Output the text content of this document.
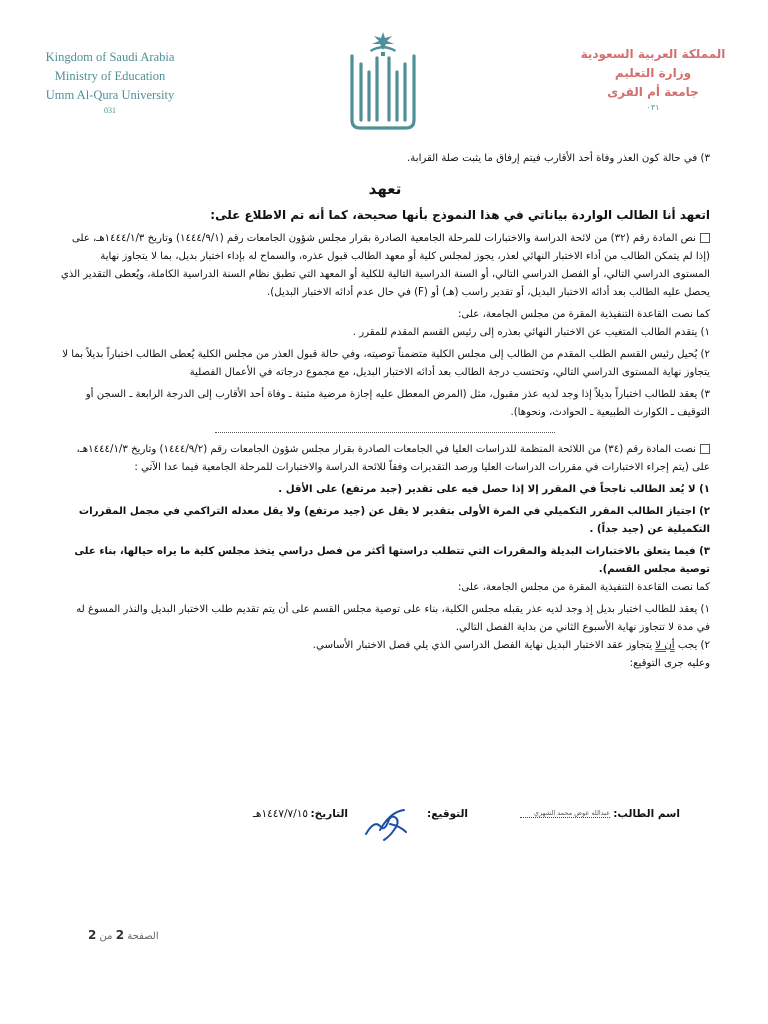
Kingdom of Saudi Arabia
Ministry of Education
Umm Al-Qura University
031
المملكة العربية السعودية
وزارة التعليم
جامعة أم القرى
٠٣١

٣) في حالة كون العذر وفاة أحد الأقارب فيتم إرفاق ما يثبت صلة القرابة.

تعهد

اتعهد أنا الطالب الواردة بياناتي في هذا النموذج بأنها صحيحة، كما أنه تم الاطلاع على:

نص المادة رقم (٣٢) من لائحة الدراسة والاختبارات للمرحلة الجامعية الصادرة بقرار مجلس شؤون الجامعات رقم (١٤٤٤/٩/١) وتاريخ ١٤٤٤/١/٣هـ، على (إذا لم يتمكن الطالب من أداء الاختبار النهائي لعذر، يجوز لمجلس كلية أو معهد الطالب قبول عذره، والسماح له بإداء اختبار بديل، بما لا يتجاوز نهاية المستوى الدراسي التالي، أو الفصل الدراسي التالي، أو السنة الدراسية التالية للكلية أو المعهد التي تطبق نظام السنة الدراسية الكاملة، ويُعطى التقدير الذي يحصل عليه الطالب بعد أدائه الاختبار البديل، أو تقدير راسب (هـ) أو (F) في حال عدم أدائه الاختبار البديل).

كما نصت القاعدة التنفيذية المقرة من مجلس الجامعة، على:

١) يتقدم الطالب المتغيب عن الاختبار النهائي بعذره إلى رئيس القسم المقدم للمقرر .

٢) يُحيل رئيس القسم الطلب المقدم من الطالب إلى مجلس الكلية متضمناً توصيته، وفي حالة قبول العذر من مجلس الكلية يُعطى الطالب اختباراً بديلاً بما لا يتجاوز نهاية المستوى الدراسي التالي، وتحتسب درجة الطالب بعد أدائه الاختبار البديل، مع مجموع درجاته في الأعمال الفصلية

٣) يعقد للطالب اختباراً بديلاً إذا وجد لديه عذر مقبول، مثل (المرض المعطل عليه إجازة مرضية مثبتة ـ وفاة أحد الأقارب إلى الدرجة الرابعة ـ السجن أو التوقيف ـ الكوارث الطبيعية ـ الحوادث، ونحوها).

نصت المادة رقم (٣٤) من اللائحة المنظمة للدراسات العليا في الجامعات الصادرة بقرار مجلس شؤون الجامعات رقم (١٤٤٤/٩/٢) وتاريخ ١٤٤٤/١/٣هـ، على (يتم إجراء الاختبارات في مقررات الدراسات العليا ورصد التقديرات وفقاً للائحة الدراسة والاختبارات للمرحلة الجامعية فيما عدا الآتي :

١) لا يُعد الطالب ناجحاً في المقرر إلا إذا حصل فيه على تقدير (جيد مرتفع) على الأقل .

٢) اجتياز الطالب المقرر التكميلي في المرة الأولى بتقدير لا يقل عن (جيد مرتفع) ولا يقل معدله التراكمي في مجمل المقررات التكميلية عن (جيد جداً) .

٣) فيما يتعلق بالاختبارات البديلة والمقررات التي تتطلب دراستها أكثر من فصل دراسي يتخذ مجلس كلية ما يراه حيالها، بناء على توصية مجلس القسم).

كما نصت القاعدة التنفيذية المقرة من مجلس الجامعة، على:

١) يعقد للطالب اختبار بديل إذ وجد لديه عذر يقبله مجلس الكلية، بناء على توصية مجلس القسم على أن يتم تقديم طلب الاختبار البديل والنذر المسوغ له في مدة لا تتجاوز نهاية الأسبوع الثاني من بداية الفصل التالي.

٢) يجب أن لا يتجاوز عقد الاختبار البديل نهاية الفصل الدراسي الذي يلي فصل الاختبار الأساسي.

وعليه جرى التوقيع:

اسم الطالب:
عبدالله عوض محمد الشهري
التوقيع:
التاريخ:
١٤٤٧/٧/١٥هـ
الصفحة 2 من 2
